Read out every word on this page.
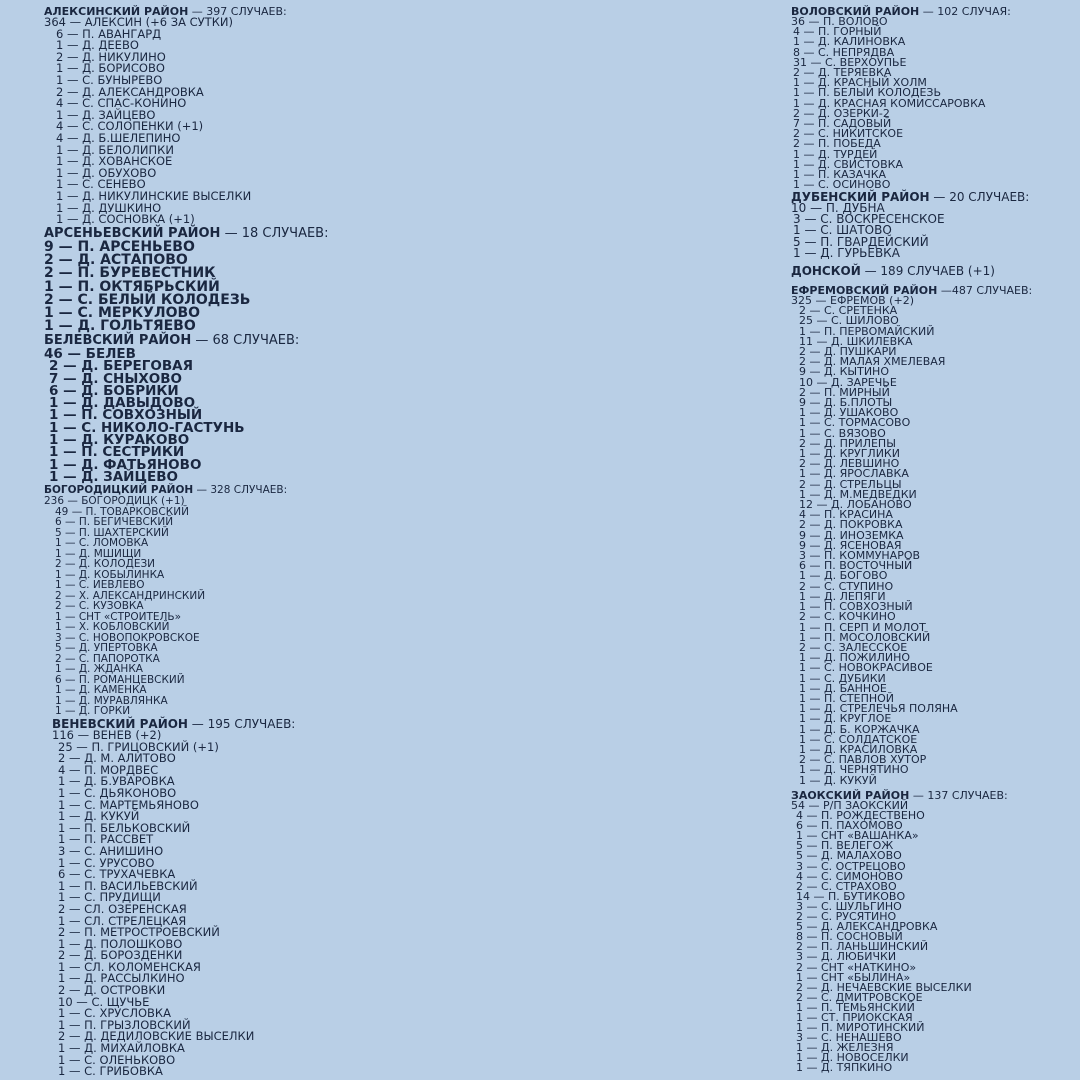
АЛЕКСИНСКИЙ РАЙОН — 397 СЛУЧАЕВ:
364 — АЛЕКСИН (+6 ЗА СУТКИ)
6 — П. АВАНГАРД
1 — Д. ДЕЕВО
2 — Д. НИКУЛИНО
1 — Д. БОРИСОВО
1 — С. БУНЫРЕВО
2 — Д. АЛЕКСАНДРОВКА
4 — С. СПАС-КОНИНО
1 — Д. ЗАЙЦЕВО
4 — С. СОЛОПЕНКИ (+1)
4 — Д. Б.ШЕЛЕПИНО
1 — Д. БЕЛОЛИПКИ
1 — Д. ХОВАНСКОЕ
1 — Д. ОБУХОВО
1 — С. СЕНЕВО
1 — Д. НИКУЛИНСКИЕ ВЫСЕЛКИ
1 — Д. ДУШКИНО
1 — Д. СОСНОВКА (+1)
АРСЕНЬЕВСКИЙ РАЙОН — 18 СЛУЧАЕВ:
9 — П. АРСЕНЬЕВО
2 — Д. АСТАПОВО
2 — П. БУРЕВЕСТНИК
1 — П. ОКТЯБРЬСКИЙ
2 — С. БЕЛЫЙ КОЛОДЕЗЬ
1 — С. МЕРКУЛОВО
1 — Д. ГОЛЬТЯЕВО
БЕЛЕВСКИЙ РАЙОН — 68 СЛУЧАЕВ:
46 — БЕЛЕВ
2 — Д. БЕРЕГОВАЯ
7 — Д. СНЫХОВО
6 — Д. БОБРИКИ
1 — Д. ДАВЫДОВО
1 — П. СОВХОЗНЫЙ
1 — С. НИКОЛО-ГАСТУНЬ
1 — Д. КУРАКОВО
1 — П. СЕСТРИКИ
1 — Д. ФАТЬЯНОВО
1 — Д. ЗАЙЦЕВО
БОГОРОДИЦКИЙ РАЙОН — 328 СЛУЧАЕВ:
236 — БОГОРОДИЦК (+1)
49 — П. ТОВАРКОВСКИЙ
6 — П. БЕГИЧЕВСКИЙ
5 — П. ШАХТЕРСКИЙ
1 — С. ЛОМОВКА
1 — Д. МШИЩИ
2 — Д. КОЛОДЕЗИ
1 — Д. КОБЫЛИНКА
1 — С. ИЕВЛЕВО
2 — Х. АЛЕКСАНДРИНСКИЙ
2 — С. КУЗОВКА
1 — СНТ «СТРОИТЕЛЬ»
1 — Х. КОБЛОВСКИЙ
3 — С. НОВОПОКРОВСКОЕ
5 — Д. УПЕРТОВКА
2 — С. ПАПОРОТКА
1 — Д. ЖДАНКА
6 — П. РОМАНЦЕВСКИЙ
1 — Д. КАМЕНКА
1 — Д. МУРАВЛЯНКА
1 — Д. ГОРКИ
ВЕНЕВСКИЙ РАЙОН — 195 СЛУЧАЕВ:
116 — ВЕНЕВ (+2)
25 — П. ГРИЦОВСКИЙ (+1)
2 — Д. М. АЛИТОВО
4 — П. МОРДВЕС
1 — Д. Б.УВАРОВКА
1 — С. ДЬЯКОНОВО
1 — С. МАРТЕМЬЯНОВО
1 — Д. КУКУЙ
1 — П. БЕЛЬКОВСКИЙ
1 — П. РАССВЕТ
3 — С. АНИШИНО
1 — С. УРУСОВО
6 — С. ТРУХАЧЕВКА
1 — П. ВАСИЛЬЕВСКИЙ
1 — С. ПРУДИЩИ
2 — СЛ. ОЗЕРЕНСКАЯ
1 — СЛ. СТРЕЛЕЦКАЯ
2 — П. МЕТРОСТРОЕВСКИЙ
1 — Д. ПОЛОШКОВО
2 — Д. БОРОЗДЕНКИ
1 — СЛ. КОЛОМЕНСКАЯ
1 — Д. РАССЫЛКИНО
2 — Д. ОСТРОВКИ
10 — С. ЩУЧЬЕ
1 — С. ХРУСЛОВКА
1 — П. ГРЫЗЛОВСКИЙ
2 — Д. ДЕДИЛОВСКИЕ ВЫСЕЛКИ
1 — Д. МИХАЙЛОВКА
1 — С. ОЛЕНЬКОВО
1 — С. ГРИБОВКА
ВОЛОВСКИЙ РАЙОН — 102 СЛУЧАЯ:
36 — П. ВОЛОВО
4 — П. ГОРНЫЙ
1 — Д. КАЛИНОВКА
8 — С. НЕПРЯДВА
31 — С. ВЕРХОУПЬЕ
2 — Д. ТЕРЯЕВКА
1 — Д. КРАСНЫЙ ХОЛМ
1 — П. БЕЛЫЙ КОЛОДЕЗЬ
1 — Д. КРАСНАЯ КОМИССАРОВКА
2 — Д. ОЗЕРКИ-2
7 — П. САДОВЫЙ
2 — С. НИКИТСКОЕ
2 — П. ПОБЕДА
1 — Д. ТУРДЕЙ
1 — Д. СВИСТОВКА
1 — П. КАЗАЧКА
1 — С. ОСИНОВО
ДУБЕНСКИЙ РАЙОН — 20 СЛУЧАЕВ:
10 — П. ДУБНА
3 — С. ВОСКРЕСЕНСКОЕ
1 — С. ШАТОВО
5 — П. ГВАРДЕЙСКИЙ
1 — Д. ГУРЬЕВКА
ДОНСКОЙ — 189 СЛУЧАЕВ (+1)
ЕФРЕМОВСКИЙ РАЙОН —487 СЛУЧАЕВ:
325 — ЕФРЕМОВ (+2)
2 — С. СРЕТЕНКА
25 — С. ШИЛОВО
1 — П. ПЕРВОМАЙСКИЙ
11 — Д. ШКИЛЕВКА
2 — Д. ПУШКАРИ
2 — Д. МАЛАЯ ХМЕЛЕВАЯ
9 — Д. КЫТИНО
10 — Д. ЗАРЕЧЬЕ
2 — П. МИРНЫЙ
9 — Д. Б.ПЛОТЫ
1 — Д. УШАКОВО
1 — С. ТОРМАСОВО
1 — С. ВЯЗОВО
2 — Д. ПРИЛЕПЫ
1 — Д. КРУГЛИКИ
2 — Д. ЛЕВШИНО
1 — Д. ЯРОСЛАВКА
2 — Д. СТРЕЛЬЦЫ
1 — Д. М.МЕДВЕДКИ
12 — Д. ЛОБАНОВО
4 — П. КРАСИНА
2 — Д. ПОКРОВКА
9 — Д. ИНОЗЕМКА
9 — Д. ЯСЕНОВАЯ
3 — П. КОММУНАРОВ
6 — П. ВОСТОЧНЫЙ
1 — Д. БОГОВО
2 — С. СТУПИНО
1 — Д. ЛЕПЯГИ
1 — П. СОВХОЗНЫЙ
2 — С. КОЧКИНО
1 — П. СЕРП И МОЛОТ
1 — П. МОСОЛОВСКИЙ
2 — С. ЗАЛЕССКОЕ
1 — Д. ПОЖИЛИНО
1 — С. НОВОКРАСИВОЕ
1 — С. ДУБИКИ
1 — Д. БАННОЕ
1 — П. СТЕПНОЙ
1 — Д. СТРЕЛЕЧЬЯ ПОЛЯНА
1 — Д. КРУГЛОЕ
1 — Д. Б. КОРЖАЧКА
1 — С. СОЛДАТСКОЕ
1 — Д. КРАСИЛОВКА
2 — С. ПАВЛОВ ХУТОР
1 — Д. ЧЕРНЯТИНО
1 — Д. КУКУЙ
ЗАОКСКИЙ РАЙОН — 137 СЛУЧАЕВ:
54 — Р/П ЗАОКСКИЙ
4 — П. РОЖДЕСТВЕНО
6 — П. ПАХОМОВО
1 — СНТ «ВАШАНКА»
5 — П. ВЕЛЕГОЖ
5 — Д. МАЛАХОВО
3 — С. ОСТРЕЦОВО
4 — С. СИМОНОВО
2 — С. СТРАХОВО
14 — П. БУТИКОВО
3 — С. ШУЛЬГИНО
2 — С. РУСЯТИНО
5 — Д. АЛЕКСАНДРОВКА
8 — П. СОСНОВЫЙ
2 — П. ЛАНЬШИНСКИЙ
3 — Д. ЛЮБИЧКИ
2 — СНТ «НАТКИНО»
1 — СНТ «БЫЛИНА»
2 — Д. НЕЧАЕВСКИЕ ВЫСЕЛКИ
2 — С. ДМИТРОВСКОЕ
1 — П. ТЕМЬЯНСКИЙ
1 — СТ. ПРИОКСКАЯ
1 — П. МИРОТИНСКИЙ
3 — С. НЕНАШЕВО
1 — Д. ЖЕЛЕЗНЯ
1 — Д. НОВОСЕЛКИ
1 — Д. ТЯПКИНО
